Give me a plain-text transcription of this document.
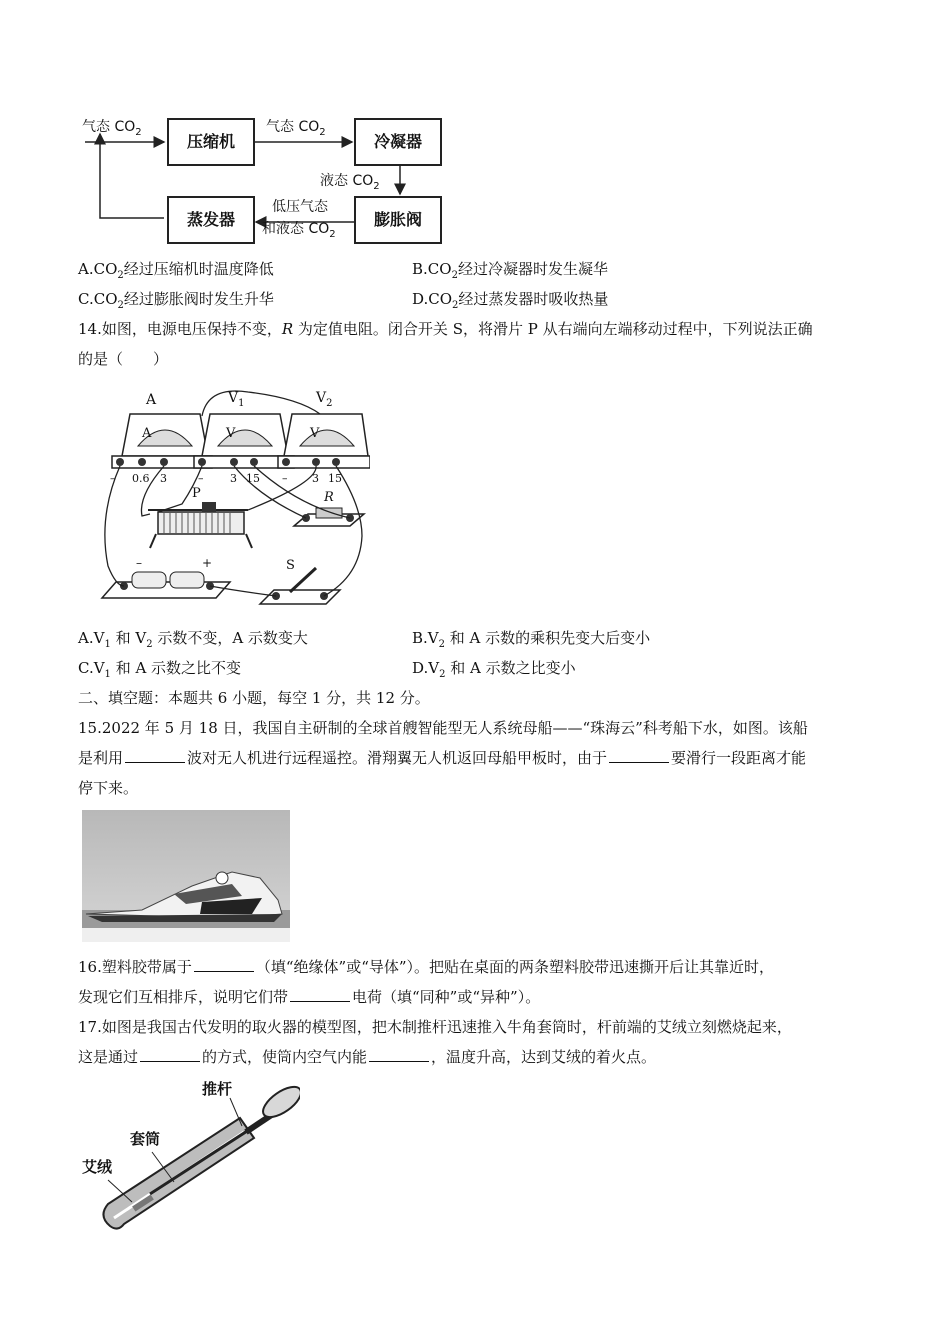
压缩机	冷凝器
膨胀阀
蒸发器
气态 $CO_2$	气态 $CO_2$
液态 $CO_2$
低压气态
和液态 $CO_2$
$A.CO_2$经过压缩机时温度降低	$B.CO_2$经过冷凝器时发生凝华
$C.CO_2$经过膨胀阀时发生升华	$D.CO_2$经过蒸发器时吸收热量
14.如图，电源电压保持不变，R 为定值电阻。闭合开关 S，将滑片 P 从右端向左端移动过程中，下列说法正确
的是（　　）
A	$V_1$	$V_2$
A	V	V
– 0.6 3	– 3 15 – 3 15
P	R
S
–	+
$A.V_1$ 和 $V_2$ 示数不变，A 示数变大	$B.V_2$ 和 A 示数的乘积先变大后变小
$C.V_1$ 和 A 示数之比不变	$D.V_2$ 和 A 示数之比变小
二、填空题：本题共 6 小题，每空 1 分，共 12 分。
15.2022 年 5 月 18 日，我国自主研制的全球首艘智能型无人系统母船——“珠海云”科考船下水，如图。该船
是利用	波对无人机进行远程遥控。滑翔翼无人机返回母船甲板时，由于	要滑行一段距离才能
停下来。
16.塑料胶带属于	（填“绝缘体”或“导体”）。把贴在桌面的两条塑料胶带迅速撕开后让其靠近时，
发现它们互相排斥，说明它们带	电荷（填“同种”或“异种”）。
17.如图是我国古代发明的取火器的模型图，把木制推杆迅速推入牛角套筒时，杆前端的艾绒立刻燃烧起来，
这是通过	的方式，使筒内空气内能	，温度升高，达到艾绒的着火点。
推杆
套筒
艾绒
